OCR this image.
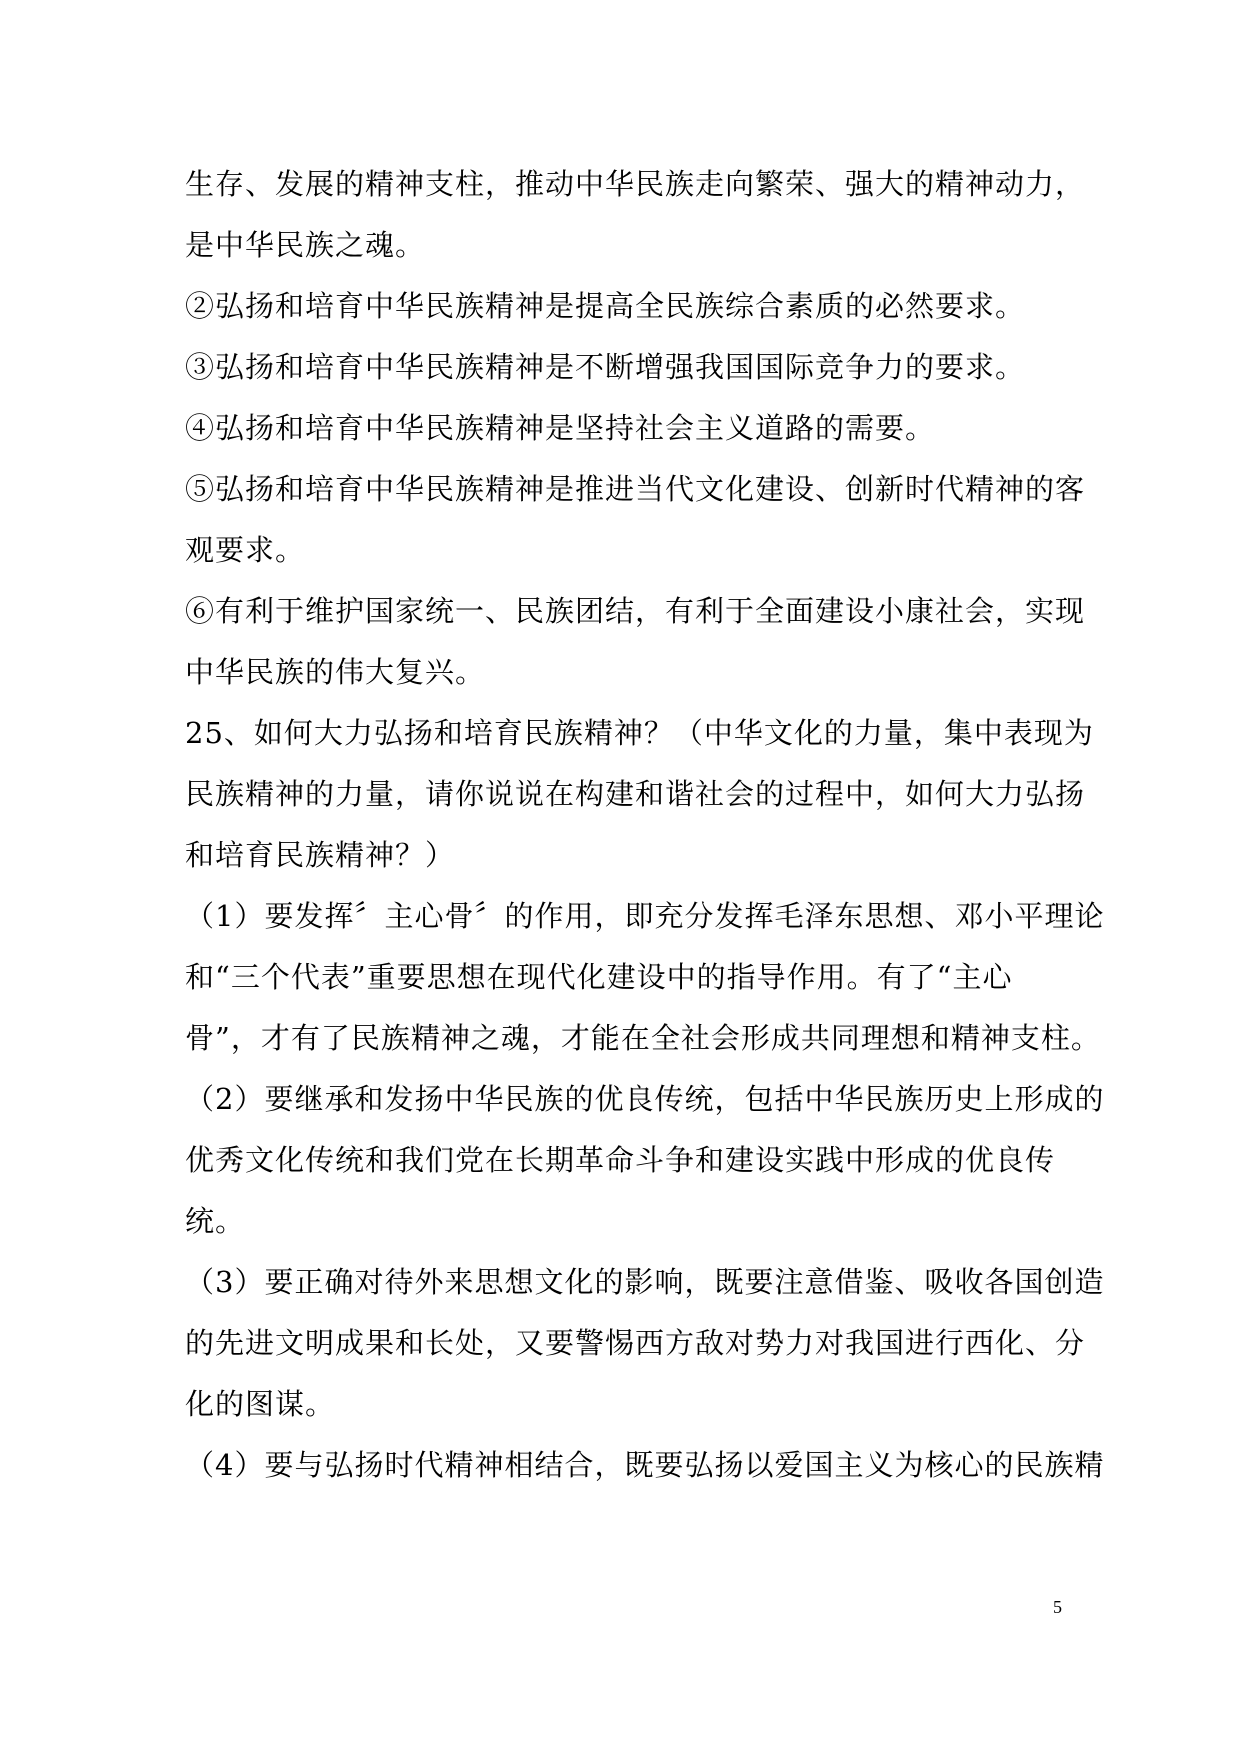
生存、发展的精神支柱，推动中华民族走向繁荣、强大的精神动力，
是中华民族之魂。
②弘扬和培育中华民族精神是提高全民族综合素质的必然要求。
③弘扬和培育中华民族精神是不断增强我国国际竞争力的要求。
④弘扬和培育中华民族精神是坚持社会主义道路的需要。
⑤弘扬和培育中华民族精神是推进当代文化建设、创新时代精神的客
观要求。
⑥有利于维护国家统一、民族团结，有利于全面建设小康社会，实现
中华民族的伟大复兴。
25、如何大力弘扬和培育民族精神？（中华文化的力量，集中表现为
民族精神的力量，请你说说在构建和谐社会的过程中，如何大力弘扬
和培育民族精神？）
（1）要发挥〞主心骨〞的作用，即充分发挥毛泽东思想、邓小平理论
和“三个代表”重要思想在现代化建设中的指导作用。有了“主心
骨”，才有了民族精神之魂，才能在全社会形成共同理想和精神支柱。
（2）要继承和发扬中华民族的优良传统，包括中华民族历史上形成的
优秀文化传统和我们党在长期革命斗争和建设实践中形成的优良传
统。
（3）要正确对待外来思想文化的影响，既要注意借鉴、吸收各国创造
的先进文明成果和长处，又要警惕西方敌对势力对我国进行西化、分
化的图谋。
（4）要与弘扬时代精神相结合，既要弘扬以爱国主义为核心的民族精
5
